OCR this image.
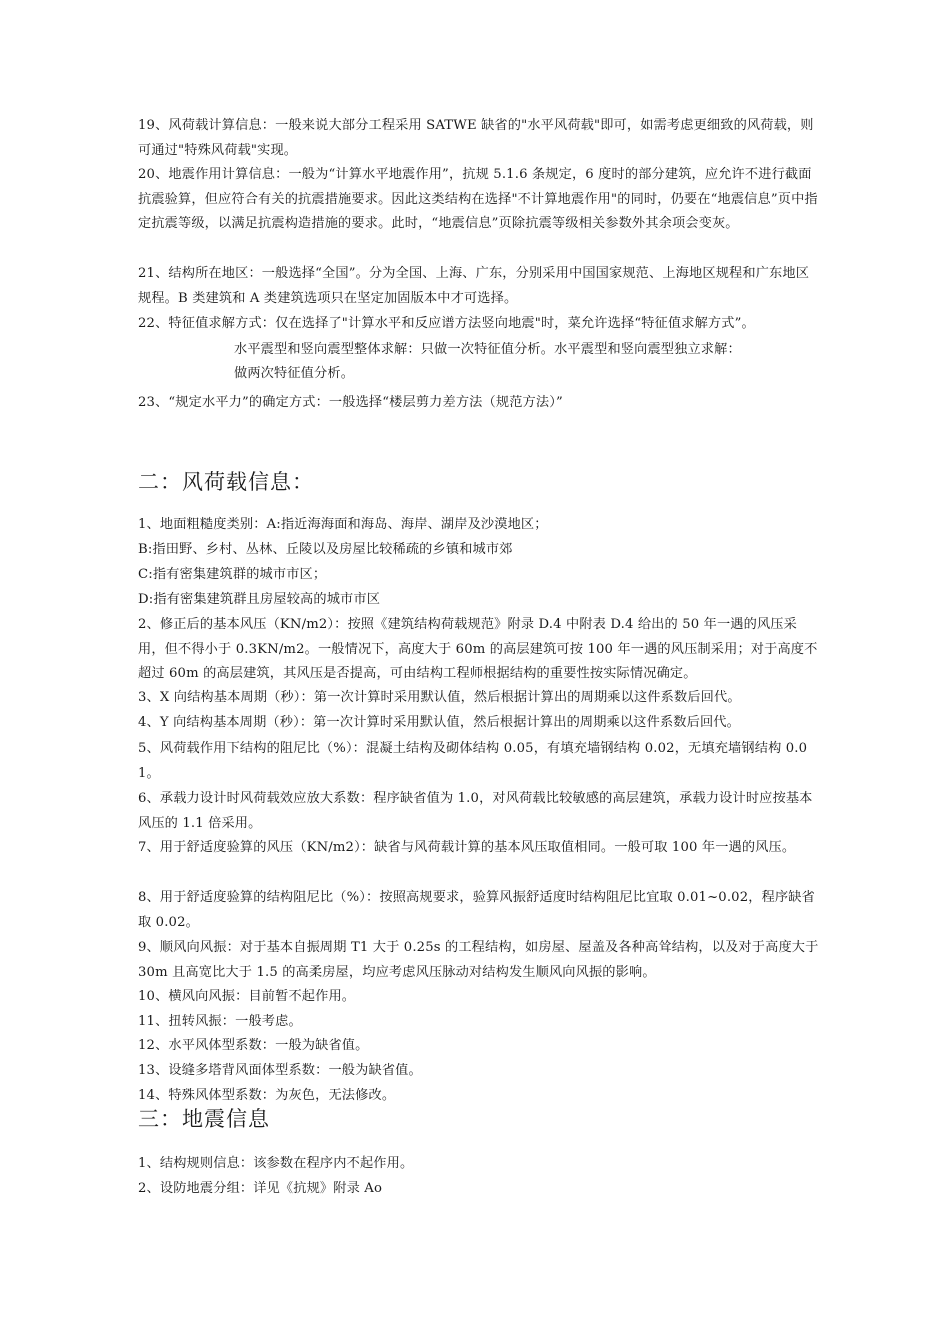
19、风荷载计算信息：一般来说大部分工程采用 SATWE 缺省的"水平风荷载"即可，如需考虑更细致的风荷载，则可通过"特殊风荷载"实现。
20、地震作用计算信息：一般为“计算水平地震作用”，抗规 5.1.6 条规定，6 度时的部分建筑，应允许不进行截面抗震验算，但应符合有关的抗震措施要求。因此这类结构在选择"不计算地震作用"的同时，仍要在“地震信息”页中指定抗震等级，以满足抗震构造措施的要求。此时，“地震信息”页除抗震等级相关参数外其余项会变灰。
21、结构所在地区：一般选择“全国”。分为全国、上海、广东，分别采用中国国家规范、上海地区规程和广东地区规程。B 类建筑和 A 类建筑选项只在坚定加固版本中才可选择。
22、特征值求解方式：仅在选择了"计算水平和反应谱方法竖向地震"时，菜允许选择“特征值求解方式”。
水平震型和竖向震型整体求解：只做一次特征值分析。水平震型和竖向震型独立求解：
做两次特征值分析。
23、“规定水平力”的确定方式：一般选择“楼层剪力差方法（规范方法）”
二：风荷载信息：
1、地面粗糙度类别：A:指近海海面和海岛、海岸、湖岸及沙漠地区；
B:指田野、乡村、丛林、丘陵以及房屋比较稀疏的乡镇和城市郊
C:指有密集建筑群的城市市区；
D:指有密集建筑群且房屋较高的城市市区
2、修正后的基本风压（KN/m2）：按照《建筑结构荷载规范》附录 D.4 中附表 D.4 给出的 50 年一遇的风压采用，但不得小于 0.3KN/m2。一般情况下，高度大于 60m 的高层建筑可按 100 年一遇的风压制采用；对于高度不超过 60m 的高层建筑，其风压是否提高，可由结构工程师根据结构的重要性按实际情况确定。
3、X 向结构基本周期（秒）：第一次计算时采用默认值，然后根据计算出的周期乘以这件系数后回代。
4、Y 向结构基本周期（秒）：第一次计算时采用默认值，然后根据计算出的周期乘以这件系数后回代。
5、风荷载作用下结构的阻尼比（%）：混凝土结构及砌体结构 0.05，有填充墙钢结构 0.02，无填充墙钢结构 0.01。
6、承载力设计时风荷载效应放大系数：程序缺省值为 1.0，对风荷载比较敏感的高层建筑，承载力设计时应按基本风压的 1.1 倍采用。
7、用于舒适度验算的风压（KN/m2）：缺省与风荷载计算的基本风压取值相同。一般可取 100 年一遇的风压。
8、用于舒适度验算的结构阻尼比（%）：按照高规要求，验算风振舒适度时结构阻尼比宜取 0.01~0.02，程序缺省取 0.02。
9、顺风向风振：对于基本自振周期 T1 大于 0.25s 的工程结构，如房屋、屋盖及各种高耸结构，以及对于高度大于 30m 且高宽比大于 1.5 的高柔房屋，均应考虑风压脉动对结构发生顺风向风振的影响。
10、横风向风振：目前暂不起作用。
11、扭转风振：一般考虑。
12、水平风体型系数：一般为缺省值。
13、设缝多塔背风面体型系数：一般为缺省值。
14、特殊风体型系数：为灰色，无法修改。
三：地震信息
1、结构规则信息：该参数在程序内不起作用。
2、设防地震分组：详见《抗规》附录 Aο
